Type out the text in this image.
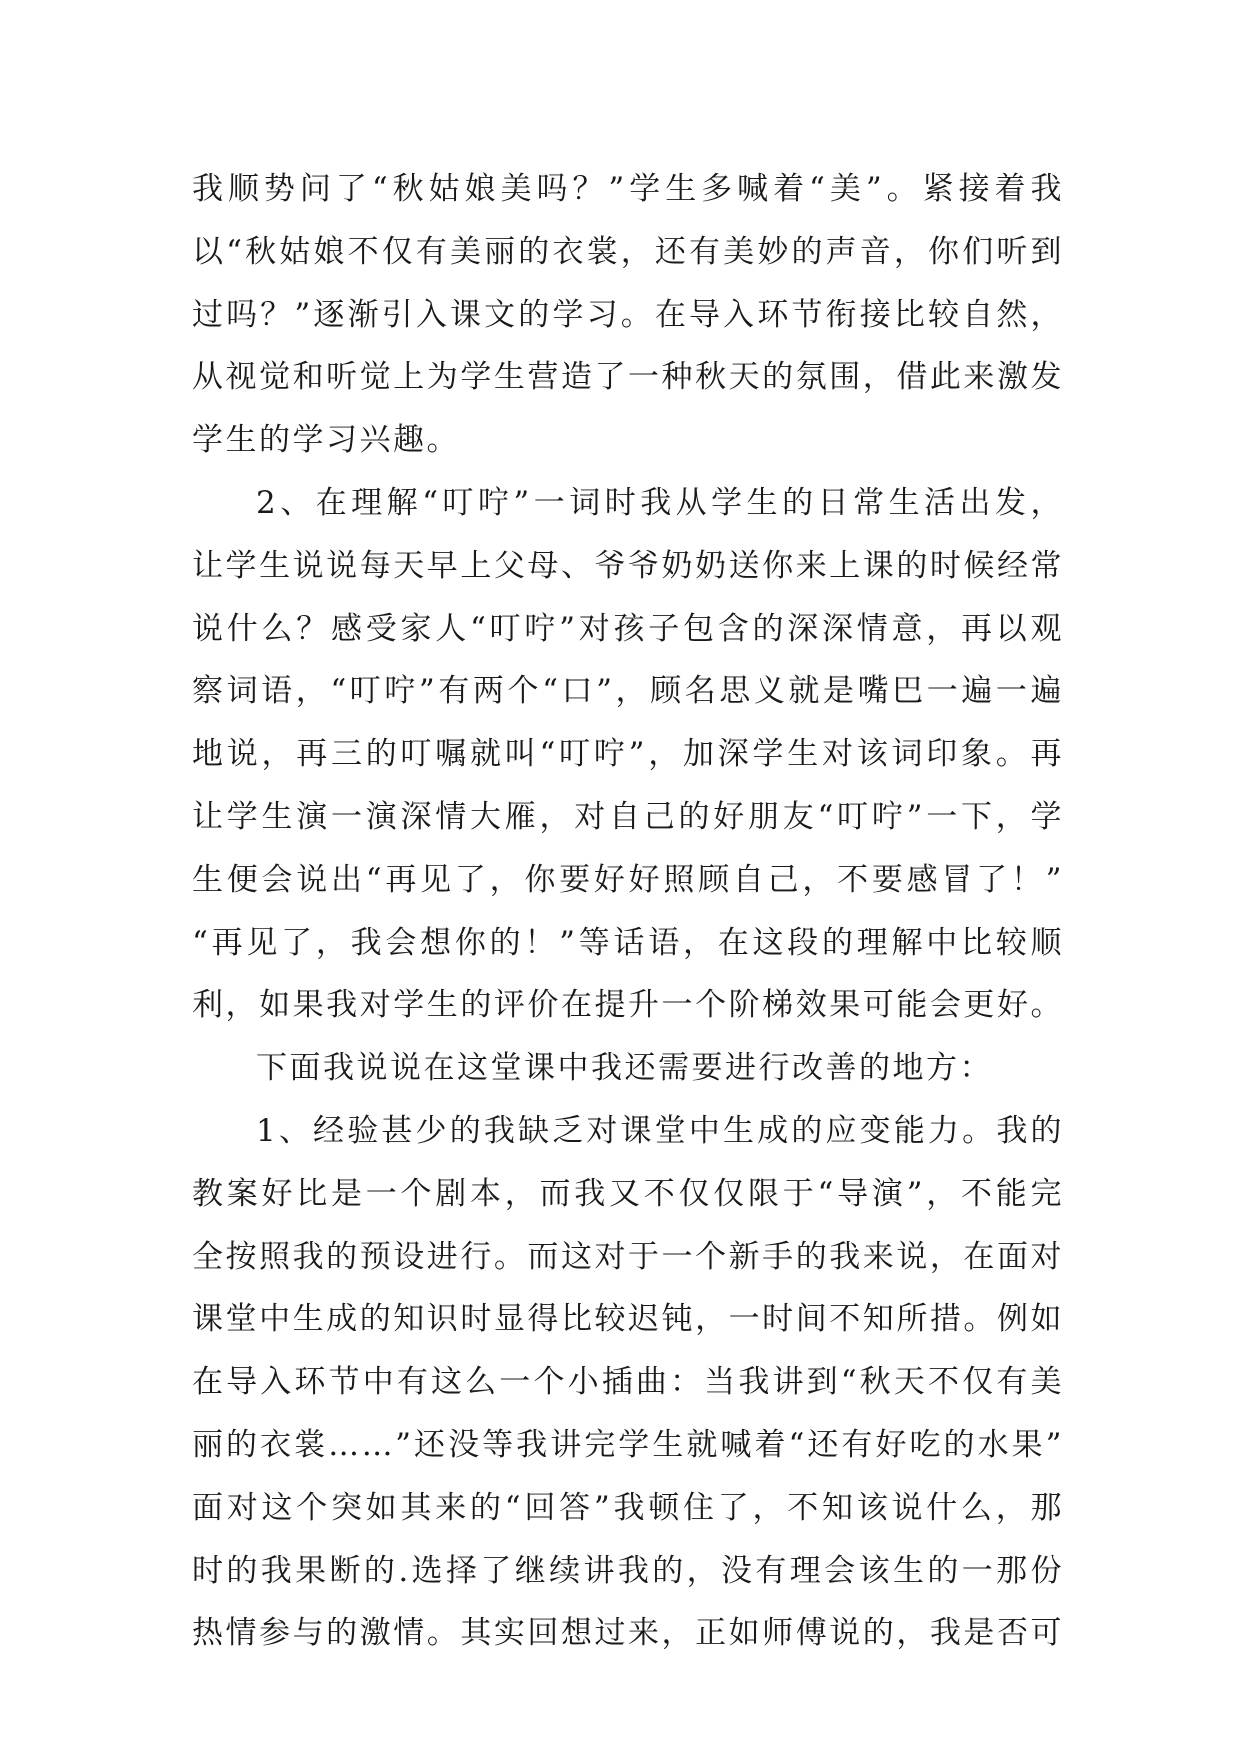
我顺势问了“秋姑娘美吗？”学生多喊着“美”。紧接着我
以“秋姑娘不仅有美丽的衣裳，还有美妙的声音，你们听到
过吗？”逐渐引入课文的学习。在导入环节衔接比较自然，
从视觉和听觉上为学生营造了一种秋天的氛围，借此来激发
学生的学习兴趣。
2、在理解“叮咛”一词时我从学生的日常生活出发，
让学生说说每天早上父母、爷爷奶奶送你来上课的时候经常
说什么？感受家人“叮咛”对孩子包含的深深情意，再以观
察词语，“叮咛”有两个“口”，顾名思义就是嘴巴一遍一遍
地说，再三的叮嘱就叫“叮咛”，加深学生对该词印象。再
让学生演一演深情大雁，对自己的好朋友“叮咛”一下，学
生便会说出“再见了，你要好好照顾自己，不要感冒了！”
“再见了，我会想你的！”等话语，在这段的理解中比较顺
利，如果我对学生的评价在提升一个阶梯效果可能会更好。
下面我说说在这堂课中我还需要进行改善的地方：
1、经验甚少的我缺乏对课堂中生成的应变能力。我的
教案好比是一个剧本，而我又不仅仅限于“导演”，不能完
全按照我的预设进行。而这对于一个新手的我来说，在面对
课堂中生成的知识时显得比较迟钝，一时间不知所措。例如
在导入环节中有这么一个小插曲：当我讲到“秋天不仅有美
丽的衣裳……”还没等我讲完学生就喊着“还有好吃的水果”
面对这个突如其来的“回答”我顿住了，不知该说什么，那
时的我果断的.选择了继续讲我的，没有理会该生的一那份
热情参与的激情。其实回想过来，正如师傅说的，我是否可
